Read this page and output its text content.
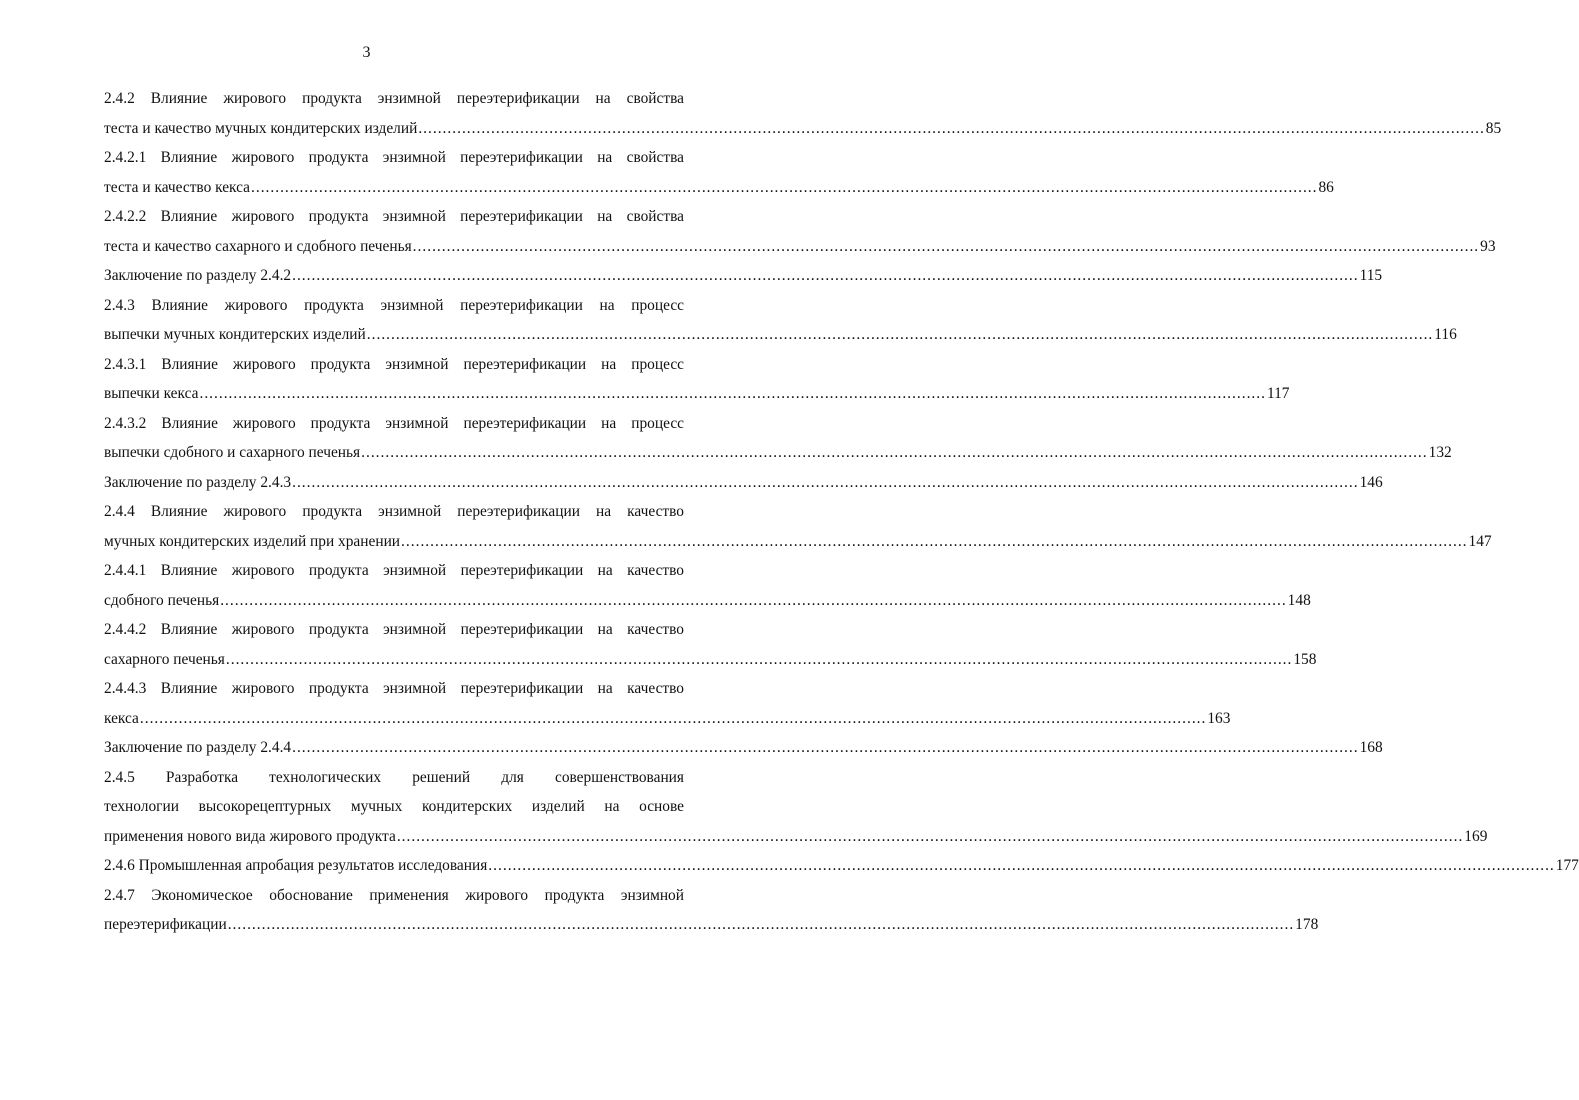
3
2.4.2 Влияние жирового продукта энзимной переэтерификации на свойства
теста и качество мучных кондитерских изделий ............................................................................................................................................................................................................................ 85
2.4.2.1 Влияние жирового продукта энзимной переэтерификации на свойства
теста и качество кекса ............................................................................................................................................................................................................................ 86
2.4.2.2 Влияние жирового продукта энзимной переэтерификации на свойства
теста и качество сахарного и сдобного печенья ............................................................................................................................................................................................................................ 93
Заключение по разделу 2.4.2 ............................................................................................................................................................................................................................ 115
2.4.3 Влияние жирового продукта энзимной переэтерификации на процесс
выпечки мучных кондитерских изделий ............................................................................................................................................................................................................................ 116
2.4.3.1 Влияние жирового продукта энзимной переэтерификации на процесс
выпечки кекса ............................................................................................................................................................................................................................ 117
2.4.3.2 Влияние жирового продукта энзимной переэтерификации на процесс
выпечки сдобного и сахарного печенья ............................................................................................................................................................................................................................ 132
Заключение по разделу 2.4.3 ............................................................................................................................................................................................................................ 146
2.4.4 Влияние жирового продукта энзимной переэтерификации на качество
мучных кондитерских изделий при хранении ............................................................................................................................................................................................................................ 147
2.4.4.1 Влияние жирового продукта энзимной переэтерификации на качество
сдобного печенья ............................................................................................................................................................................................................................ 148
2.4.4.2 Влияние жирового продукта энзимной переэтерификации на качество
сахарного печенья ............................................................................................................................................................................................................................ 158
2.4.4.3 Влияние жирового продукта энзимной переэтерификации на качество
кекса ............................................................................................................................................................................................................................ 163
Заключение по разделу 2.4.4 ............................................................................................................................................................................................................................ 168
2.4.5 Разработка технологических решений для совершенствования
технологии высокорецептурных мучных кондитерских изделий на основе
применения нового вида жирового продукта ............................................................................................................................................................................................................................ 169
2.4.6 Промышленная апробация результатов исследования ............................................................................................................................................................................................................................ 177
2.4.7 Экономическое обоснование применения жирового продукта энзимной
переэтерификации ............................................................................................................................................................................................................................ 178
